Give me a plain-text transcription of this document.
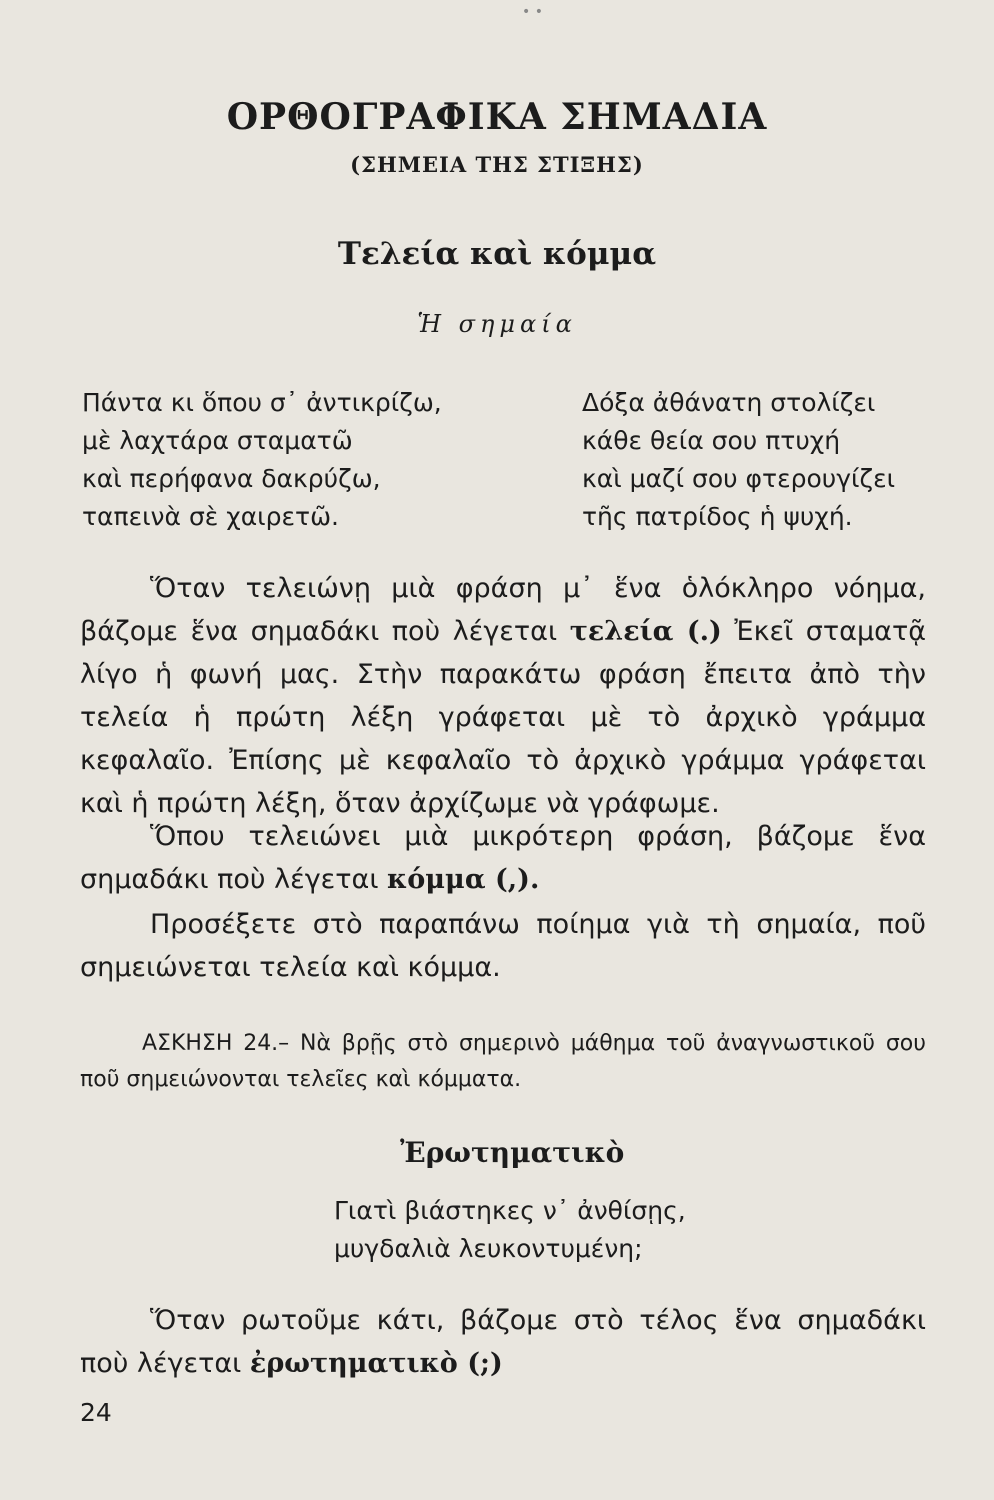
• •
ΟΡΘΟΓΡΑΦΙΚΑ ΣΗΜΑΔΙΑ
(ΣΗΜΕΙΑ ΤΗΣ ΣΤΙΞΗΣ)
Τελεία καὶ κόμμα
Ἡ σημαία
Πάντα κι ὅπου σ᾽ ἀντικρίζω,
μὲ λαχτάρα σταματῶ
καὶ περήφανα δακρύζω,
ταπεινὰ σὲ χαιρετῶ.
Δόξα ἀθάνατη στολίζει
κάθε θεία σου πτυχή
καὶ μαζί σου φτερουγίζει
τῆς πατρίδος ἡ ψυχή.
Ὅταν τελειώνῃ μιὰ φράση μ᾽ ἕνα ὁλόκληρο νόημα, βάζομε ἕνα σημαδάκι ποὺ λέγεται τελεία (.) Ἐκεῖ σταματᾷ λίγο ἡ φωνή μας. Στὴν παρακάτω φράση ἔπειτα ἀπὸ τὴν τελεία ἡ πρώτη λέξη γράφεται μὲ τὸ ἀρχικὸ γράμμα κεφαλαῖο. Ἐπίσης μὲ κεφαλαῖο τὸ ἀρχικὸ γράμμα γράφεται καὶ ἡ πρώτη λέξη, ὅταν ἀρχίζωμε νὰ γράφωμε.
Ὅπου τελειώνει μιὰ μικρότερη φράση, βάζομε ἕνα σημαδάκι ποὺ λέγεται κόμμα (,).
Προσέξετε στὸ παραπάνω ποίημα γιὰ τὴ σημαία, ποῦ σημειώνεται τελεία καὶ κόμμα.
ΑΣΚΗΣΗ 24.– Νὰ βρῇς στὸ σημερινὸ μάθημα τοῦ ἀναγνωστικοῦ σου ποῦ σημειώνονται τελεῖες καὶ κόμματα.
Ἐρωτηματικὸ
Γιατὶ βιάστηκες ν᾽ ἀνθίσῃς,
μυγδαλιὰ λευκοντυμένη;
Ὅταν ρωτοῦμε κάτι, βάζομε στὸ τέλος ἕνα σημαδάκι ποὺ λέγεται ἐρωτηματικὸ (;)
24
